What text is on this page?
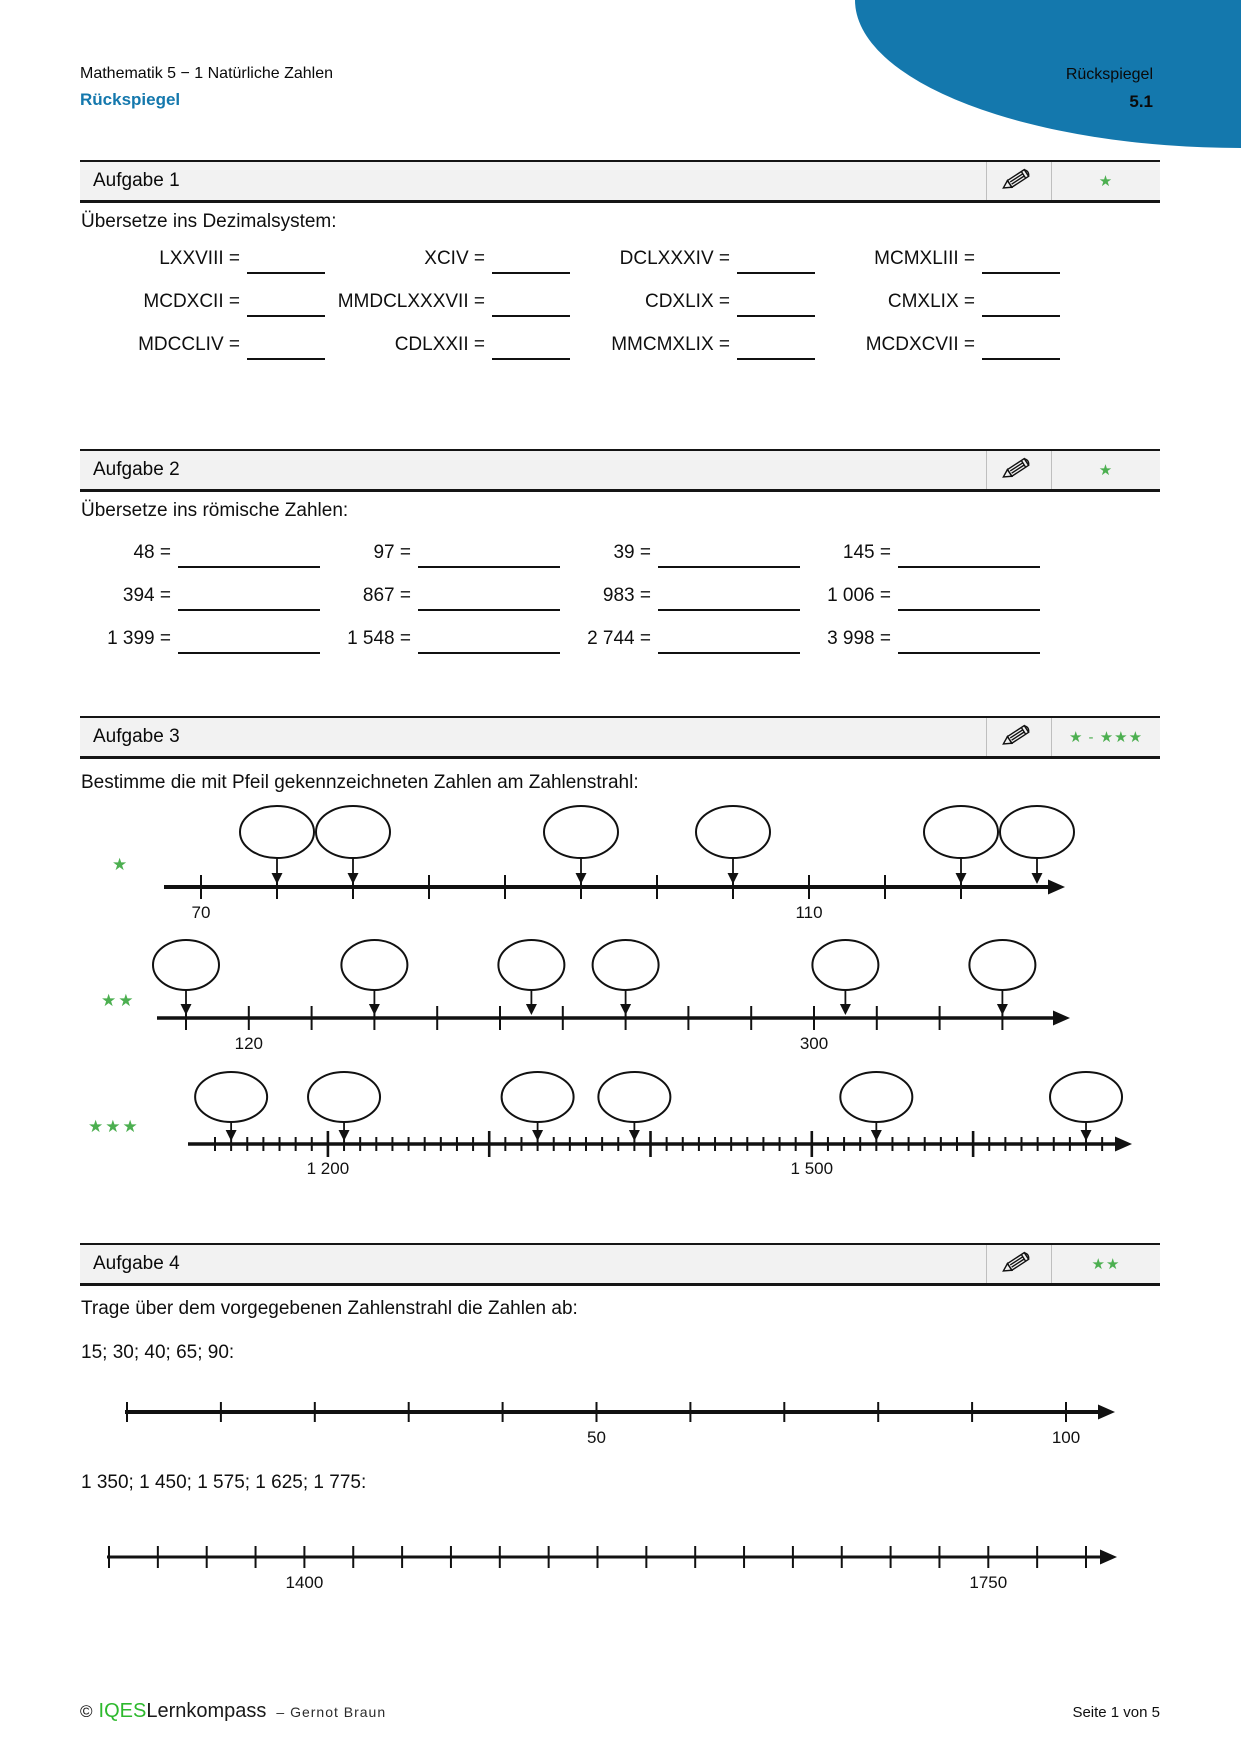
Rückspiegel
5.1
Mathematik 5 − 1 Natürliche Zahlen
Rückspiegel
Aufgabe 1	★
Übersetze ins Dezimalsystem:
LXXVIII =	XCIV =	DCLXXXIV =	MCMXLIII =
MCDXCII =	MMDCLXXXVII =	CDXLIX =	CMXLIX =
MDCCLIV =	CDLXXII =	MMCMXLIX =	MCDXCVII =
Aufgabe 2	★
Übersetze ins römische Zahlen:
48 =	97 =	39 =	145 =
394 =	867 =	983 =	1 006 =
1 399 =	1 548 =	2 744 =	3 998 =
Aufgabe 3	★ - ★★★
Bestimme die mit Pfeil gekennzeichneten Zahlen am Zahlenstrahl:
★
70	110
★★
120	300
★★★
1 200	1 500
Aufgabe 4	★★
Trage über dem vorgegebenen Zahlenstrahl die Zahlen ab:
15; 30; 40; 65; 90:
50	100
1 350; 1 450; 1 575; 1 625; 1 775:
1400	1750
© IQES Lernkompass – Gernot Braun	Seite 1 von 5
